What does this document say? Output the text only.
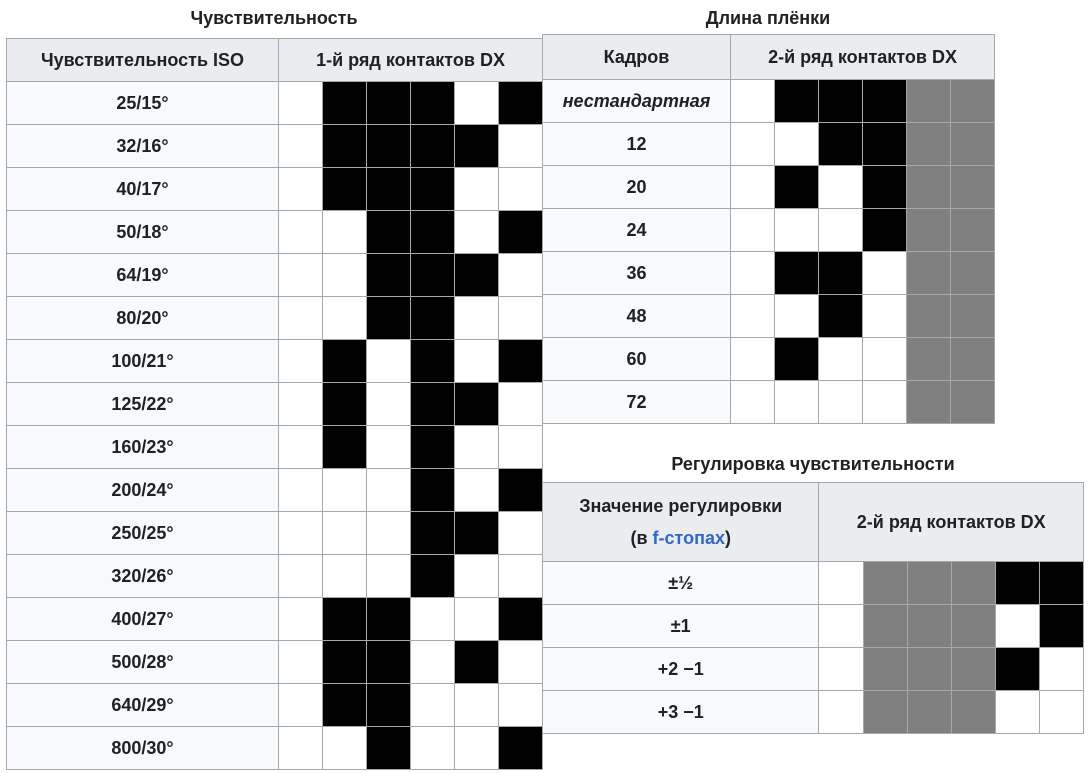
Чувствительность
Чувствительность ISO	1-й ряд контактов DX					
25/15°						
32/16°						
40/17°						
50/18°						
64/19°						
80/20°						
100/21°						
125/22°						
160/23°						
200/24°						
250/25°						
320/26°						
400/27°						
500/28°						
640/29°						
800/30°						
Длина плёнки
Кадров	2-й ряд контактов DX					
нестандартная						
12						
20						
24						
36						
48						
60						
72						
Регулировка чувствительности
Значение регулировки
(в f-стопах)	2-й ряд контактов DX					
±½						
±1						
+2 −1						
+3 −1						
